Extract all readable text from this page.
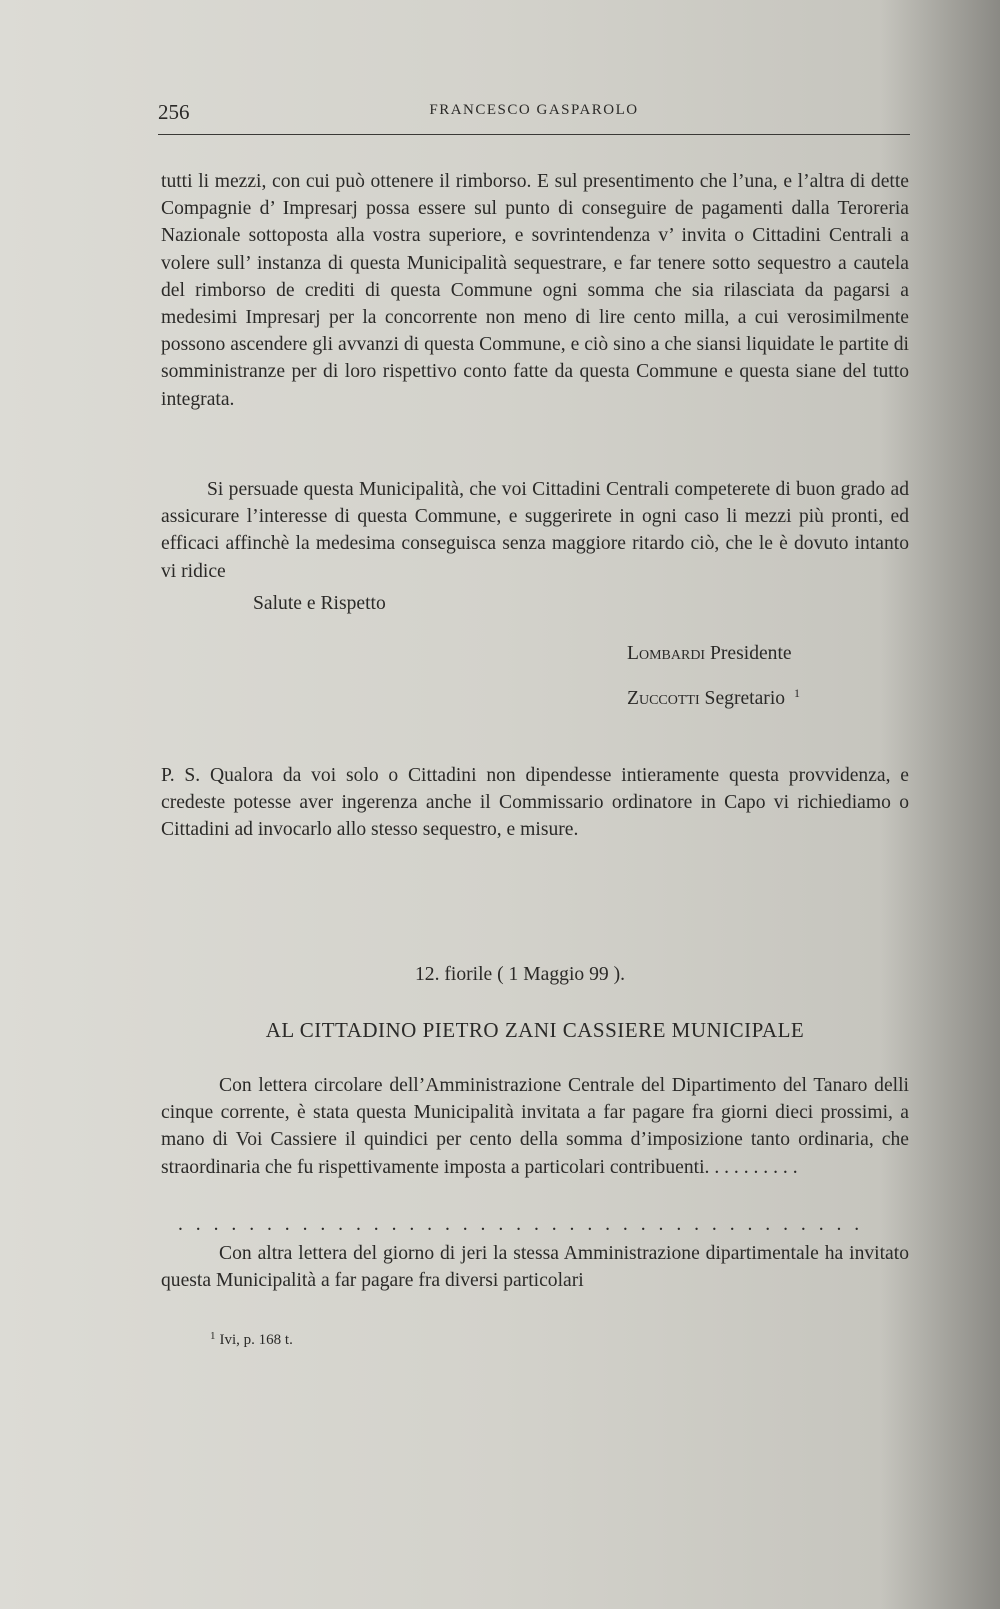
256	FRANCESCO GASPAROLO

tutti li mezzi, con cui può ottenere il rimborso. E sul presentimento che l’una, e l’altra di dette Compagnie d’ Impresarj possa essere sul punto di conseguire de pagamenti dalla Teroreria Nazionale sottoposta alla vostra superiore, e sovrintendenza v’ invita o Cittadini Centrali a volere sull’ instanza di questa Municipalità sequestrare, e far tenere sotto sequestro a cautela del rimborso de crediti di questa Commune ogni somma che sia rilasciata da pagarsi a medesimi Impresarj per la concorrente non meno di lire cento milla, a cui verosimilmente possono ascendere gli avvanzi di questa Commune, e ciò sino a che siansi liquidate le partite di somministranze per di loro rispettivo conto fatte da questa Commune e questa siane del tutto integrata.

Si persuade questa Municipalità, che voi Cittadini Centrali competerete di buon grado ad assicurare l’interesse di questa Commune, e suggerirete in ogni caso li mezzi più pronti, ed efficaci affinchè la medesima conseguisca senza maggiore ritardo ciò, che le è dovuto intanto vi ridice

Salute e Rispetto
Lombardi Presidente
Zuccotti Segretario $^1$

P. S. Qualora da voi solo o Cittadini non dipendesse intieramente questa provvidenza, e credeste potesse aver ingerenza anche il Commissario ordinatore in Capo vi richiediamo o Cittadini ad invocarlo allo stesso sequestro, e misure.

12. fiorile ( 1 Maggio 99 ).
AL CITTADINO PIETRO ZANI CASSIERE MUNICIPALE

Con lettera circolare dell’Amministrazione Centrale del Dipartimento del Tanaro delli cinque corrente, è stata questa Municipalità invitata a far pagare fra giorni dieci prossimi, a mano di Voi Cassiere il quindici per cento della somma d’imposizione tanto ordinaria, che straordinaria che fu rispettivamente imposta a particolari contribuenti. . . . . . . . . .

. . . . . . . . . . . . . . . . . . . . . . . . . . . . . . . . . . . . . . .

Con altra lettera del giorno di jeri la stessa Amministrazione dipartimentale ha invitato questa Municipalità a far pagare fra diversi particolari

$^1$ Ivi, p. 168 t.
